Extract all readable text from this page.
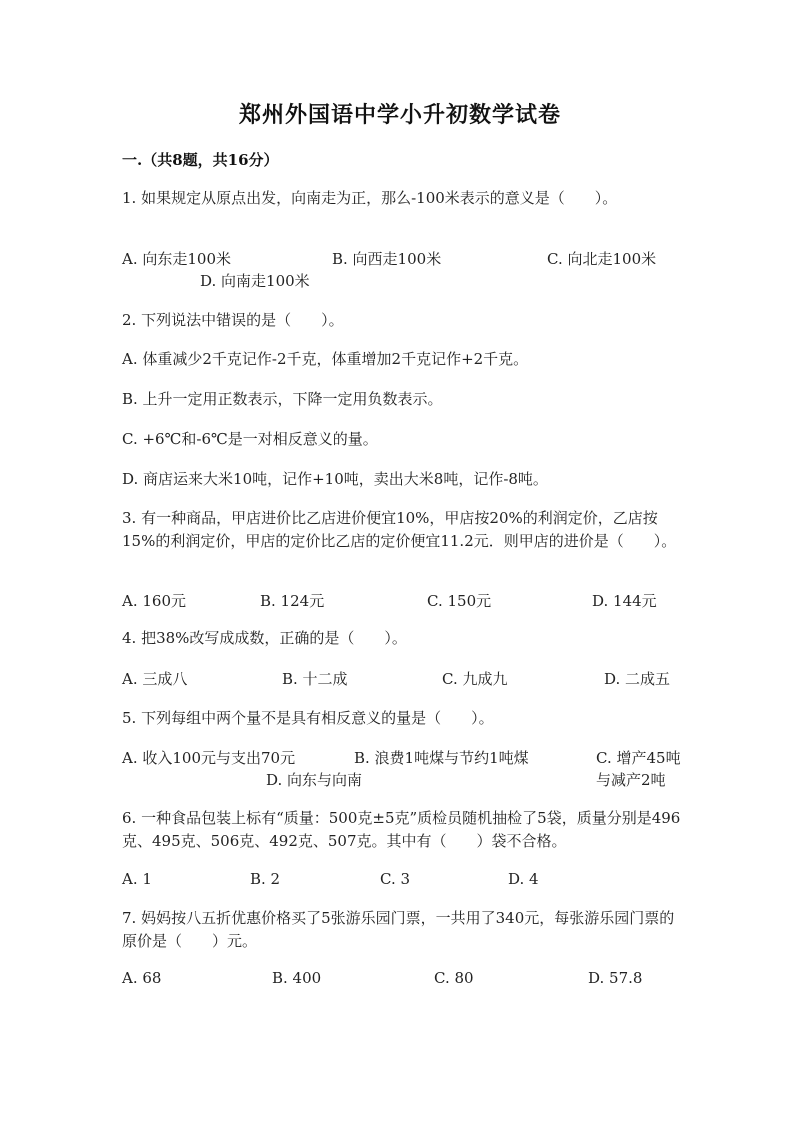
郑州外国语中学小升初数学试卷
一.（共8题，共16分）
1. 如果规定从原点出发，向南走为正，那么-100米表示的意义是（　　）。
A. 向东走100米	B. 向西走100米	C. 向北走100米
D. 向南走100米
2. 下列说法中错误的是（　　）。
A. 体重减少2千克记作-2千克，体重增加2千克记作+2千克。
B. 上升一定用正数表示，下降一定用负数表示。
C. +6℃和-6℃是一对相反意义的量。
D. 商店运来大米10吨，记作+10吨，卖出大米8吨，记作-8吨。
3. 有一种商品，甲店进价比乙店进价便宜10%，甲店按20%的利润定价，乙店按15%的利润定价，甲店的定价比乙店的定价便宜11.2元．则甲店的进价是（　　）。
A. 160元	B. 124元	C. 150元	D. 144元
4. 把38%改写成成数，正确的是（　　）。
A. 三成八	B. 十二成	C. 九成九	D. 二成五
5. 下列每组中两个量不是具有相反意义的量是（　　）。
A. 收入100元与支出70元	B. 浪费1吨煤与节约1吨煤	C. 增产45吨与减产2吨
D. 向东与向南
6. 一种食品包装上标有“质量：500克±5克”质检员随机抽检了5袋，质量分别是496克、495克、506克、492克、507克。其中有（　　）袋不合格。
A. 1	B. 2	C. 3	D. 4
7. 妈妈按八五折优惠价格买了5张游乐园门票，一共用了340元，每张游乐园门票的原价是（　　）元。
A. 68	B. 400	C. 80	D. 57.8
